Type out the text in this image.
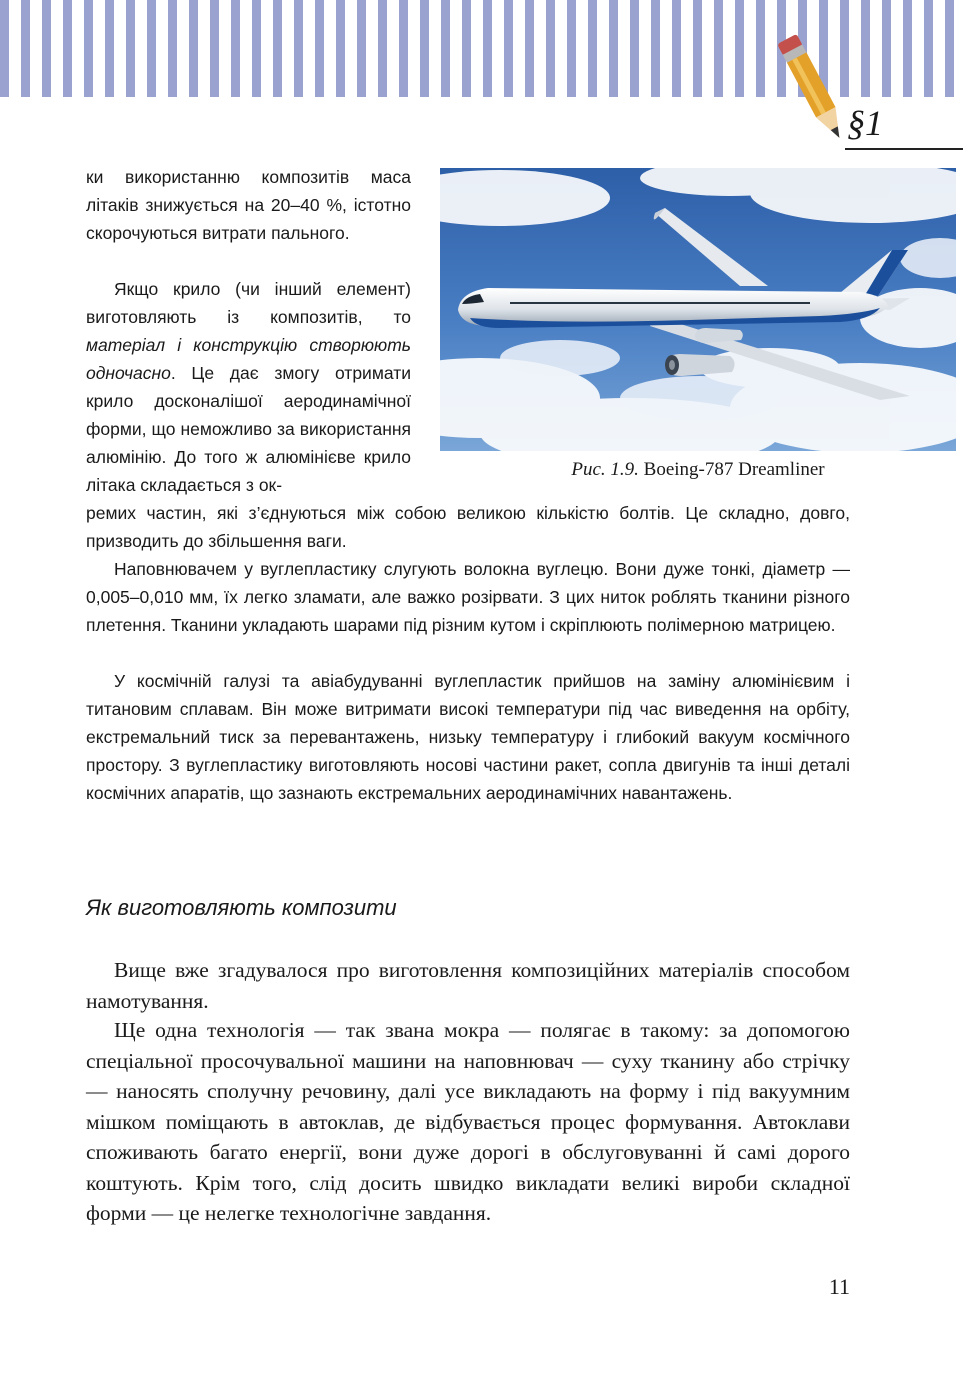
§1

ки використанню композитів маса літаків знижується на 20–40 %, істотно скорочуються витрати пального.

Якщо крило (чи інший елемент) виготовляють із композитів, то матеріал і конструкцію створюють одночасно. Це дає змогу отримати крило досконалішої аеродинамічної форми, що неможливо за використання алюмінію. До того ж алюмінієве крило літака складається з ок-

ремих частин, які з’єднуються між собою великою кількістю болтів. Це складно, довго, призводить до збільшення ваги.

Рис. 1.9. Boeing-787 Dreamliner

Наповнювачем у вуглепластику слугують волокна вуглецю. Вони дуже тонкі, діаметр — 0,005–0,010 мм, їх легко зламати, але важко розірвати. З цих ниток роблять тканини різного плетення. Тканини укладають шарами під різним кутом і скріплюють полімерною матрицею.

У космічній галузі та авіабудуванні вуглепластик прийшов на заміну алюмінієвим і титановим сплавам. Він може витримати високі температури під час виведення на орбіту, екстремальний тиск за перевантажень, низьку температуру і глибокий вакуум космічного простору. З вуглепластику виготовляють носові частини ракет, сопла двигунів та інші деталі космічних апаратів, що зазнають екстремальних аеродинамічних навантажень.

Як виготовляють композити

Вище вже згадувалося про виготовлення композиційних матеріалів способом намотування.

Ще одна технологія — так звана мокра — полягає в такому: за допомогою спеціальної просочувальної машини на наповнювач — суху тканину або стрічку — наносять сполучну речовину, далі усе викладають на форму і під вакуумним мішком поміщають в автоклав, де відбувається процес формування. Автоклави споживають багато енергії, вони дуже дорогі в обслуговуванні й самі дорого коштують. Крім того, слід досить швидко викладати великі вироби складної форми — це нелегке технологічне завдання.

11
